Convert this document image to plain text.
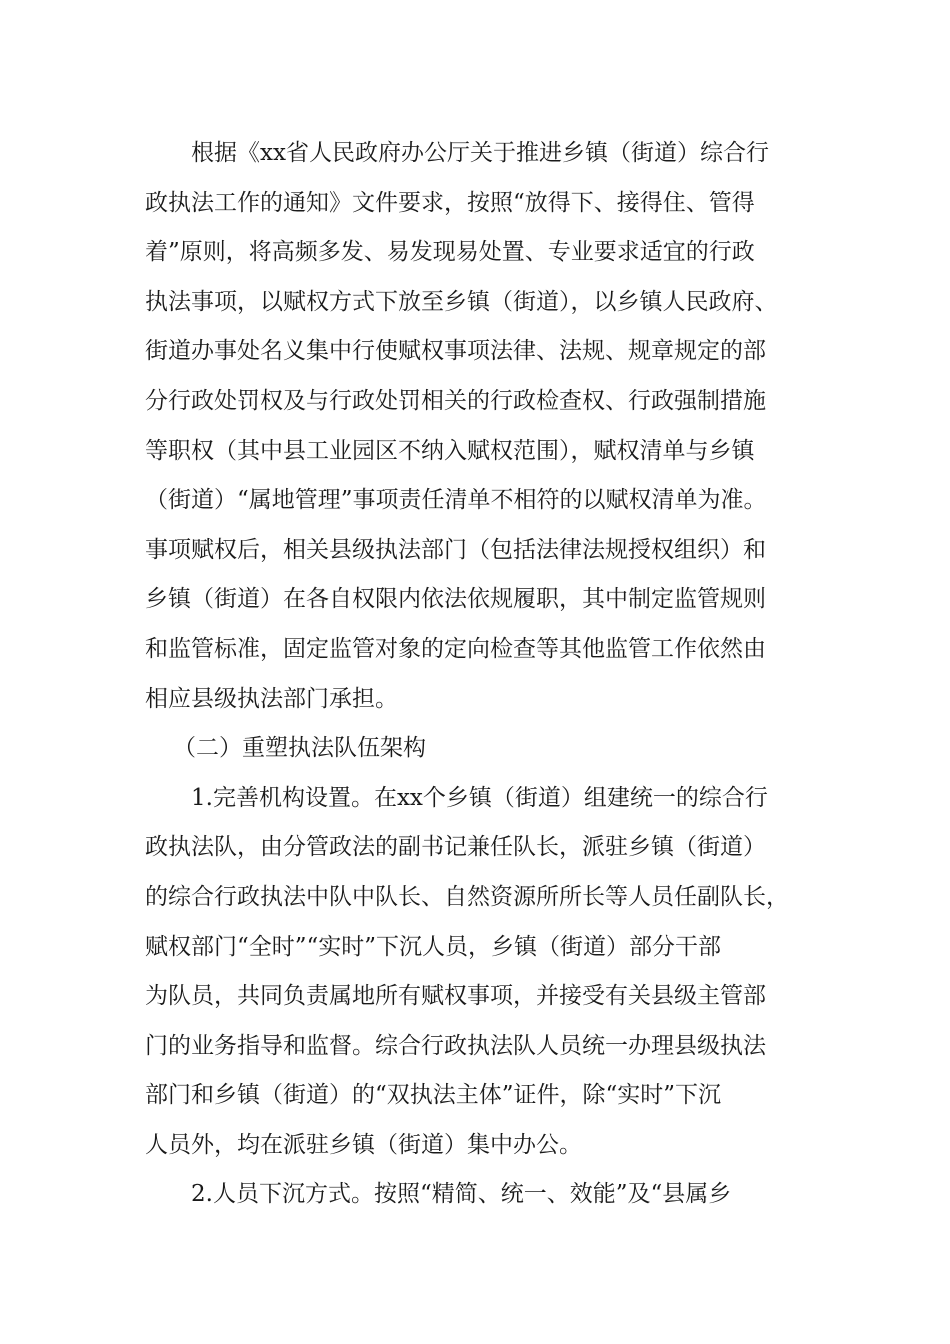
根据《xx省人民政府办公厅关于推进乡镇（街道）综合行
政执法工作的通知》文件要求，按照“放得下、接得住、管得
着”原则，将高频多发、易发现易处置、专业要求适宜的行政
执法事项，以赋权方式下放至乡镇（街道），以乡镇人民政府、
街道办事处名义集中行使赋权事项法律、法规、规章规定的部
分行政处罚权及与行政处罚相关的行政检查权、行政强制措施
等职权（其中县工业园区不纳入赋权范围），赋权清单与乡镇
（街道）“属地管理”事项责任清单不相符的以赋权清单为准。
事项赋权后，相关县级执法部门（包括法律法规授权组织）和
乡镇（街道）在各自权限内依法依规履职，其中制定监管规则
和监管标准，固定监管对象的定向检查等其他监管工作依然由
相应县级执法部门承担。
（二）重塑执法队伍架构
1.完善机构设置。在xx个乡镇（街道）组建统一的综合行
政执法队，由分管政法的副书记兼任队长，派驻乡镇（街道）
的综合行政执法中队中队长、自然资源所所长等人员任副队长，
赋权部门“全时”“实时”下沉人员，乡镇（街道）部分干部
为队员，共同负责属地所有赋权事项，并接受有关县级主管部
门的业务指导和监督。综合行政执法队人员统一办理县级执法
部门和乡镇（街道）的“双执法主体”证件，除“实时”下沉
人员外，均在派驻乡镇（街道）集中办公。
2.人员下沉方式。按照“精简、统一、效能”及“县属乡
